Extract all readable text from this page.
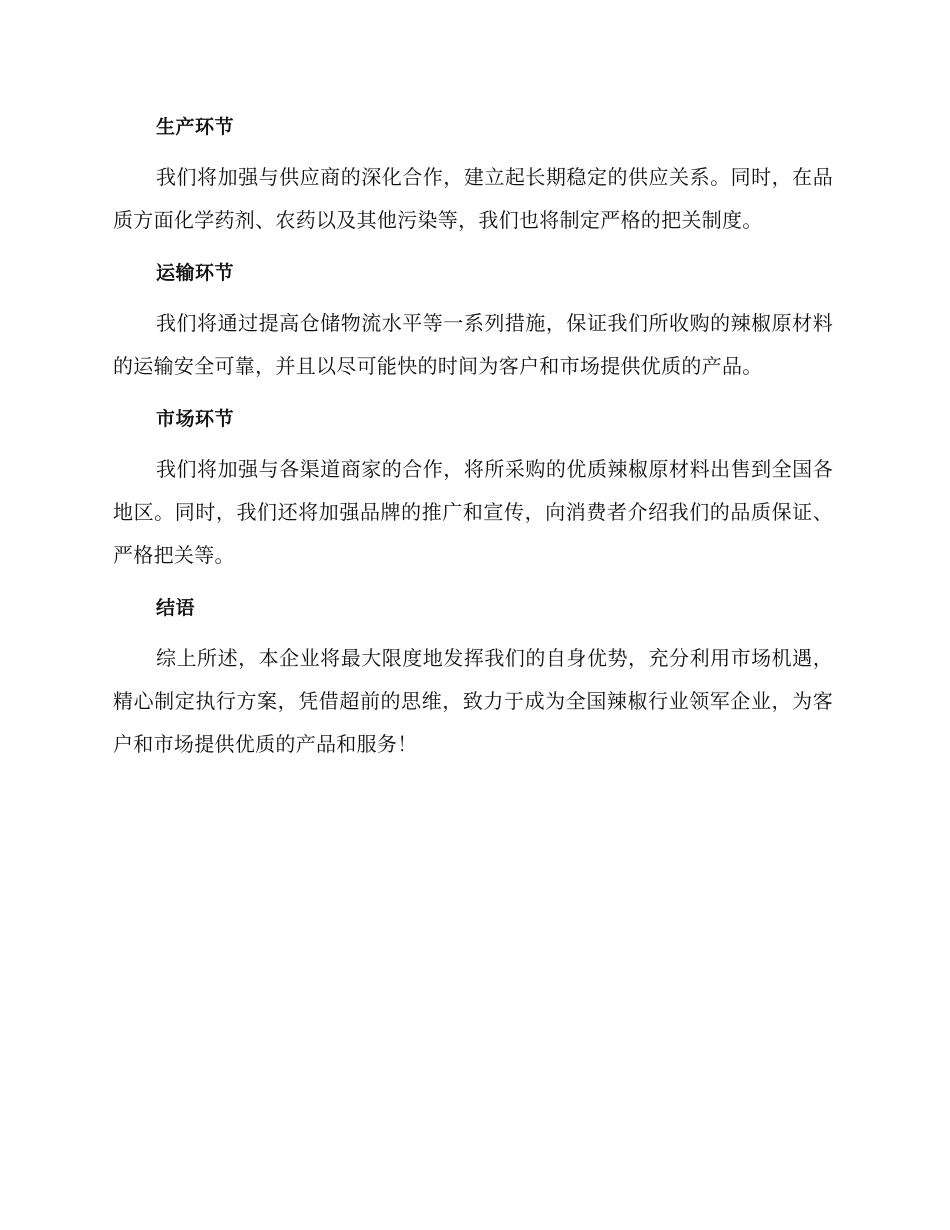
生产环节

我们将加强与供应商的深化合作，建立起长期稳定的供应关系。同时，在品质方面化学药剂、农药以及其他污染等，我们也将制定严格的把关制度。

运输环节

我们将通过提高仓储物流水平等一系列措施，保证我们所收购的辣椒原材料的运输安全可靠，并且以尽可能快的时间为客户和市场提供优质的产品。

市场环节

我们将加强与各渠道商家的合作，将所采购的优质辣椒原材料出售到全国各地区。同时，我们还将加强品牌的推广和宣传，向消费者介绍我们的品质保证、严格把关等。

结语

综上所述，本企业将最大限度地发挥我们的自身优势，充分利用市场机遇，精心制定执行方案，凭借超前的思维，致力于成为全国辣椒行业领军企业，为客户和市场提供优质的产品和服务！
